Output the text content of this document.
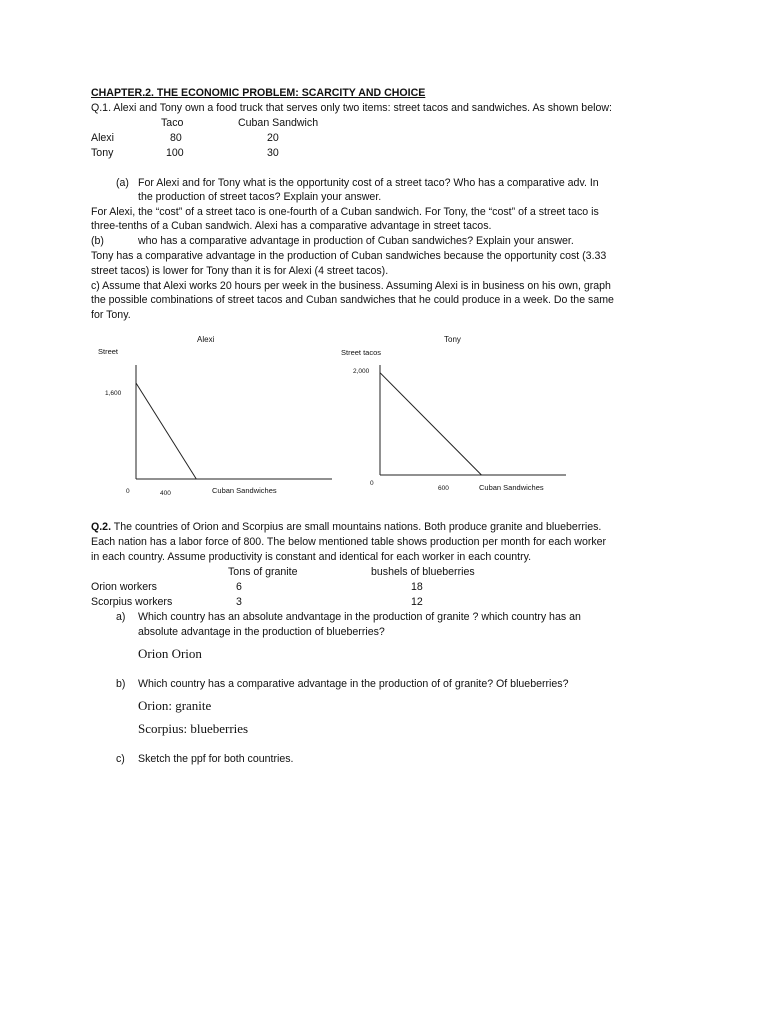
CHAPTER.2. THE ECONOMIC PROBLEM: SCARCITY AND CHOICE
Q.1. Alexi and Tony own a food truck that serves only two items: street tacos and sandwiches. As shown below:
Taco	Cuban Sandwich
Alexi	80	20
Tony	100	30
(a) For Alexi and for Tony what is the opportunity cost of a street taco? Who has a comparative adv. In
the production of street tacos? Explain your answer.
For Alexi, the “cost” of a street taco is one-fourth of a Cuban sandwich. For Tony, the “cost” of a street taco is
three-tenths of a Cuban sandwich. Alexi has a comparative advantage in street tacos.
(b)	who has a comparative advantage in production of Cuban sandwiches? Explain your answer.
Tony has a comparative advantage in the production of Cuban sandwiches because the opportunity cost (3.33
street tacos) is lower for Tony than it is for Alexi (4 street tacos).
c) Assume that Alexi works 20 hours per week in the business. Assuming Alexi is in business on his own, graph
the possible combinations of street tacos and Cuban sandwiches that he could produce in a week. Do the same
for Tony.
Alexi
Street
1,600
0	400	Cuban Sandwiches
Tony
Street tacos
2,000
0
600	Cuban Sandwiches
Q.2. The countries of Orion and Scorpius are small mountains nations. Both produce granite and blueberries.
Each nation has a labor force of 800. The below mentioned table shows production per month for each worker
in each country. Assume productivity is constant and identical for each worker in each country.
Tons of granite	bushels of blueberries
Orion workers	6	18
Scorpius workers	3	12
a) Which country has an absolute andvantage in the production of granite ? which country has an
absolute advantage in the production of blueberries?
Orion Orion
b) Which country has a comparative advantage in the production of of granite? Of blueberries?
Orion: granite
Scorpius: blueberries
c) Sketch the ppf for both countries.
